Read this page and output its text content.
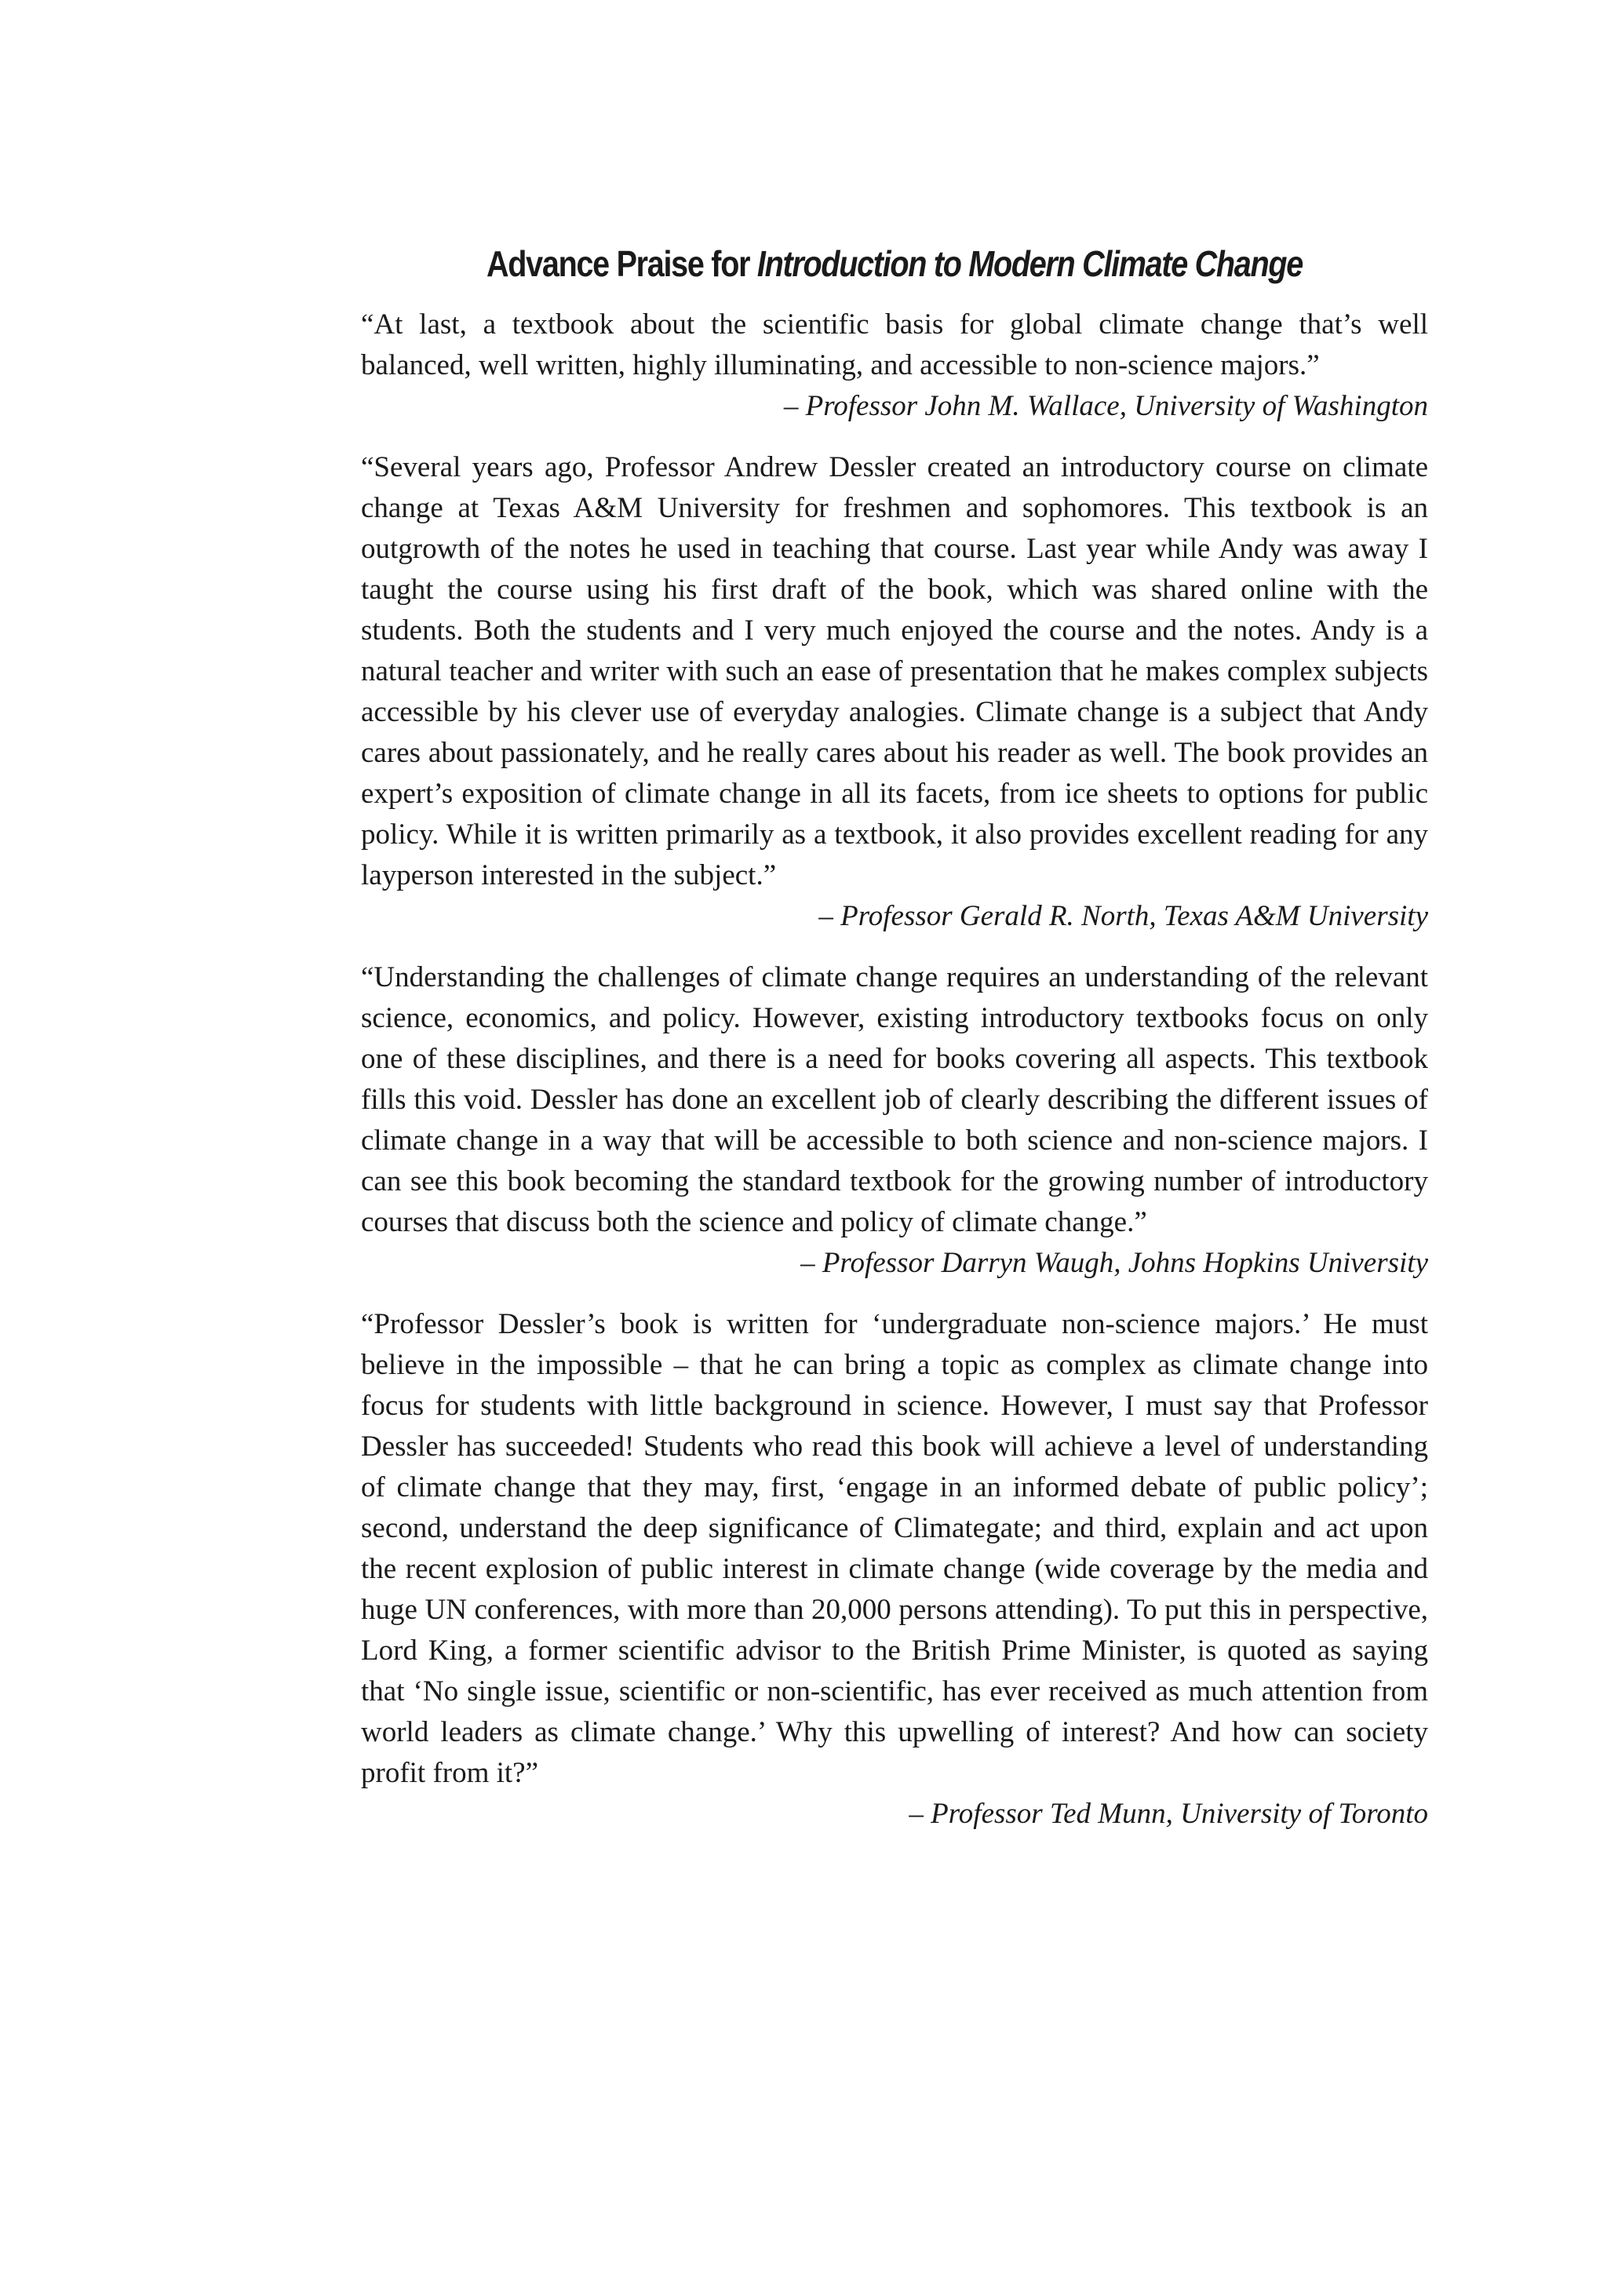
Advance Praise for Introduction to Modern Climate Change

“At last, a textbook about the scientific basis for global climate change that’s well balanced, well written, highly illuminating, and accessible to non-science majors.”

– Professor John M. Wallace, University of Washington

“Several years ago, Professor Andrew Dessler created an introductory course on climate change at Texas A&M University for freshmen and sophomores. This textbook is an outgrowth of the notes he used in teaching that course. Last year while Andy was away I taught the course using his first draft of the book, which was shared online with the students. Both the students and I very much enjoyed the course and the notes. Andy is a natural teacher and writer with such an ease of presentation that he makes complex subjects accessible by his clever use of everyday analogies. Climate change is a subject that Andy cares about passionately, and he really cares about his reader as well. The book provides an expert’s exposition of climate change in all its facets, from ice sheets to options for public policy. While it is written primarily as a textbook, it also provides excellent reading for any layperson interested in the subject.”

– Professor Gerald R. North, Texas A&M University

“Understanding the challenges of climate change requires an understanding of the relevant science, economics, and policy. However, existing introductory textbooks focus on only one of these disciplines, and there is a need for books covering all aspects. This textbook fills this void. Dessler has done an excellent job of clearly describing the different issues of climate change in a way that will be accessible to both science and non-science majors. I can see this book becoming the standard textbook for the growing number of introductory courses that discuss both the science and policy of climate change.”

– Professor Darryn Waugh, Johns Hopkins University

“Professor Dessler’s book is written for ‘undergraduate non-science majors.’ He must believe in the impossible – that he can bring a topic as complex as climate change into focus for students with little background in science. However, I must say that Professor Dessler has succeeded! Students who read this book will achieve a level of understanding of climate change that they may, first, ‘engage in an informed debate of public policy’; second, understand the deep significance of Climategate; and third, explain and act upon the recent explosion of public interest in climate change (wide coverage by the media and huge UN conferences, with more than 20,000 persons attending). To put this in perspective, Lord King, a former scientific advisor to the British Prime Minister, is quoted as saying that ‘No single issue, scientific or non-scientific, has ever received as much attention from world leaders as climate change.’ Why this upwelling of interest? And how can society profit from it?”

– Professor Ted Munn, University of Toronto
